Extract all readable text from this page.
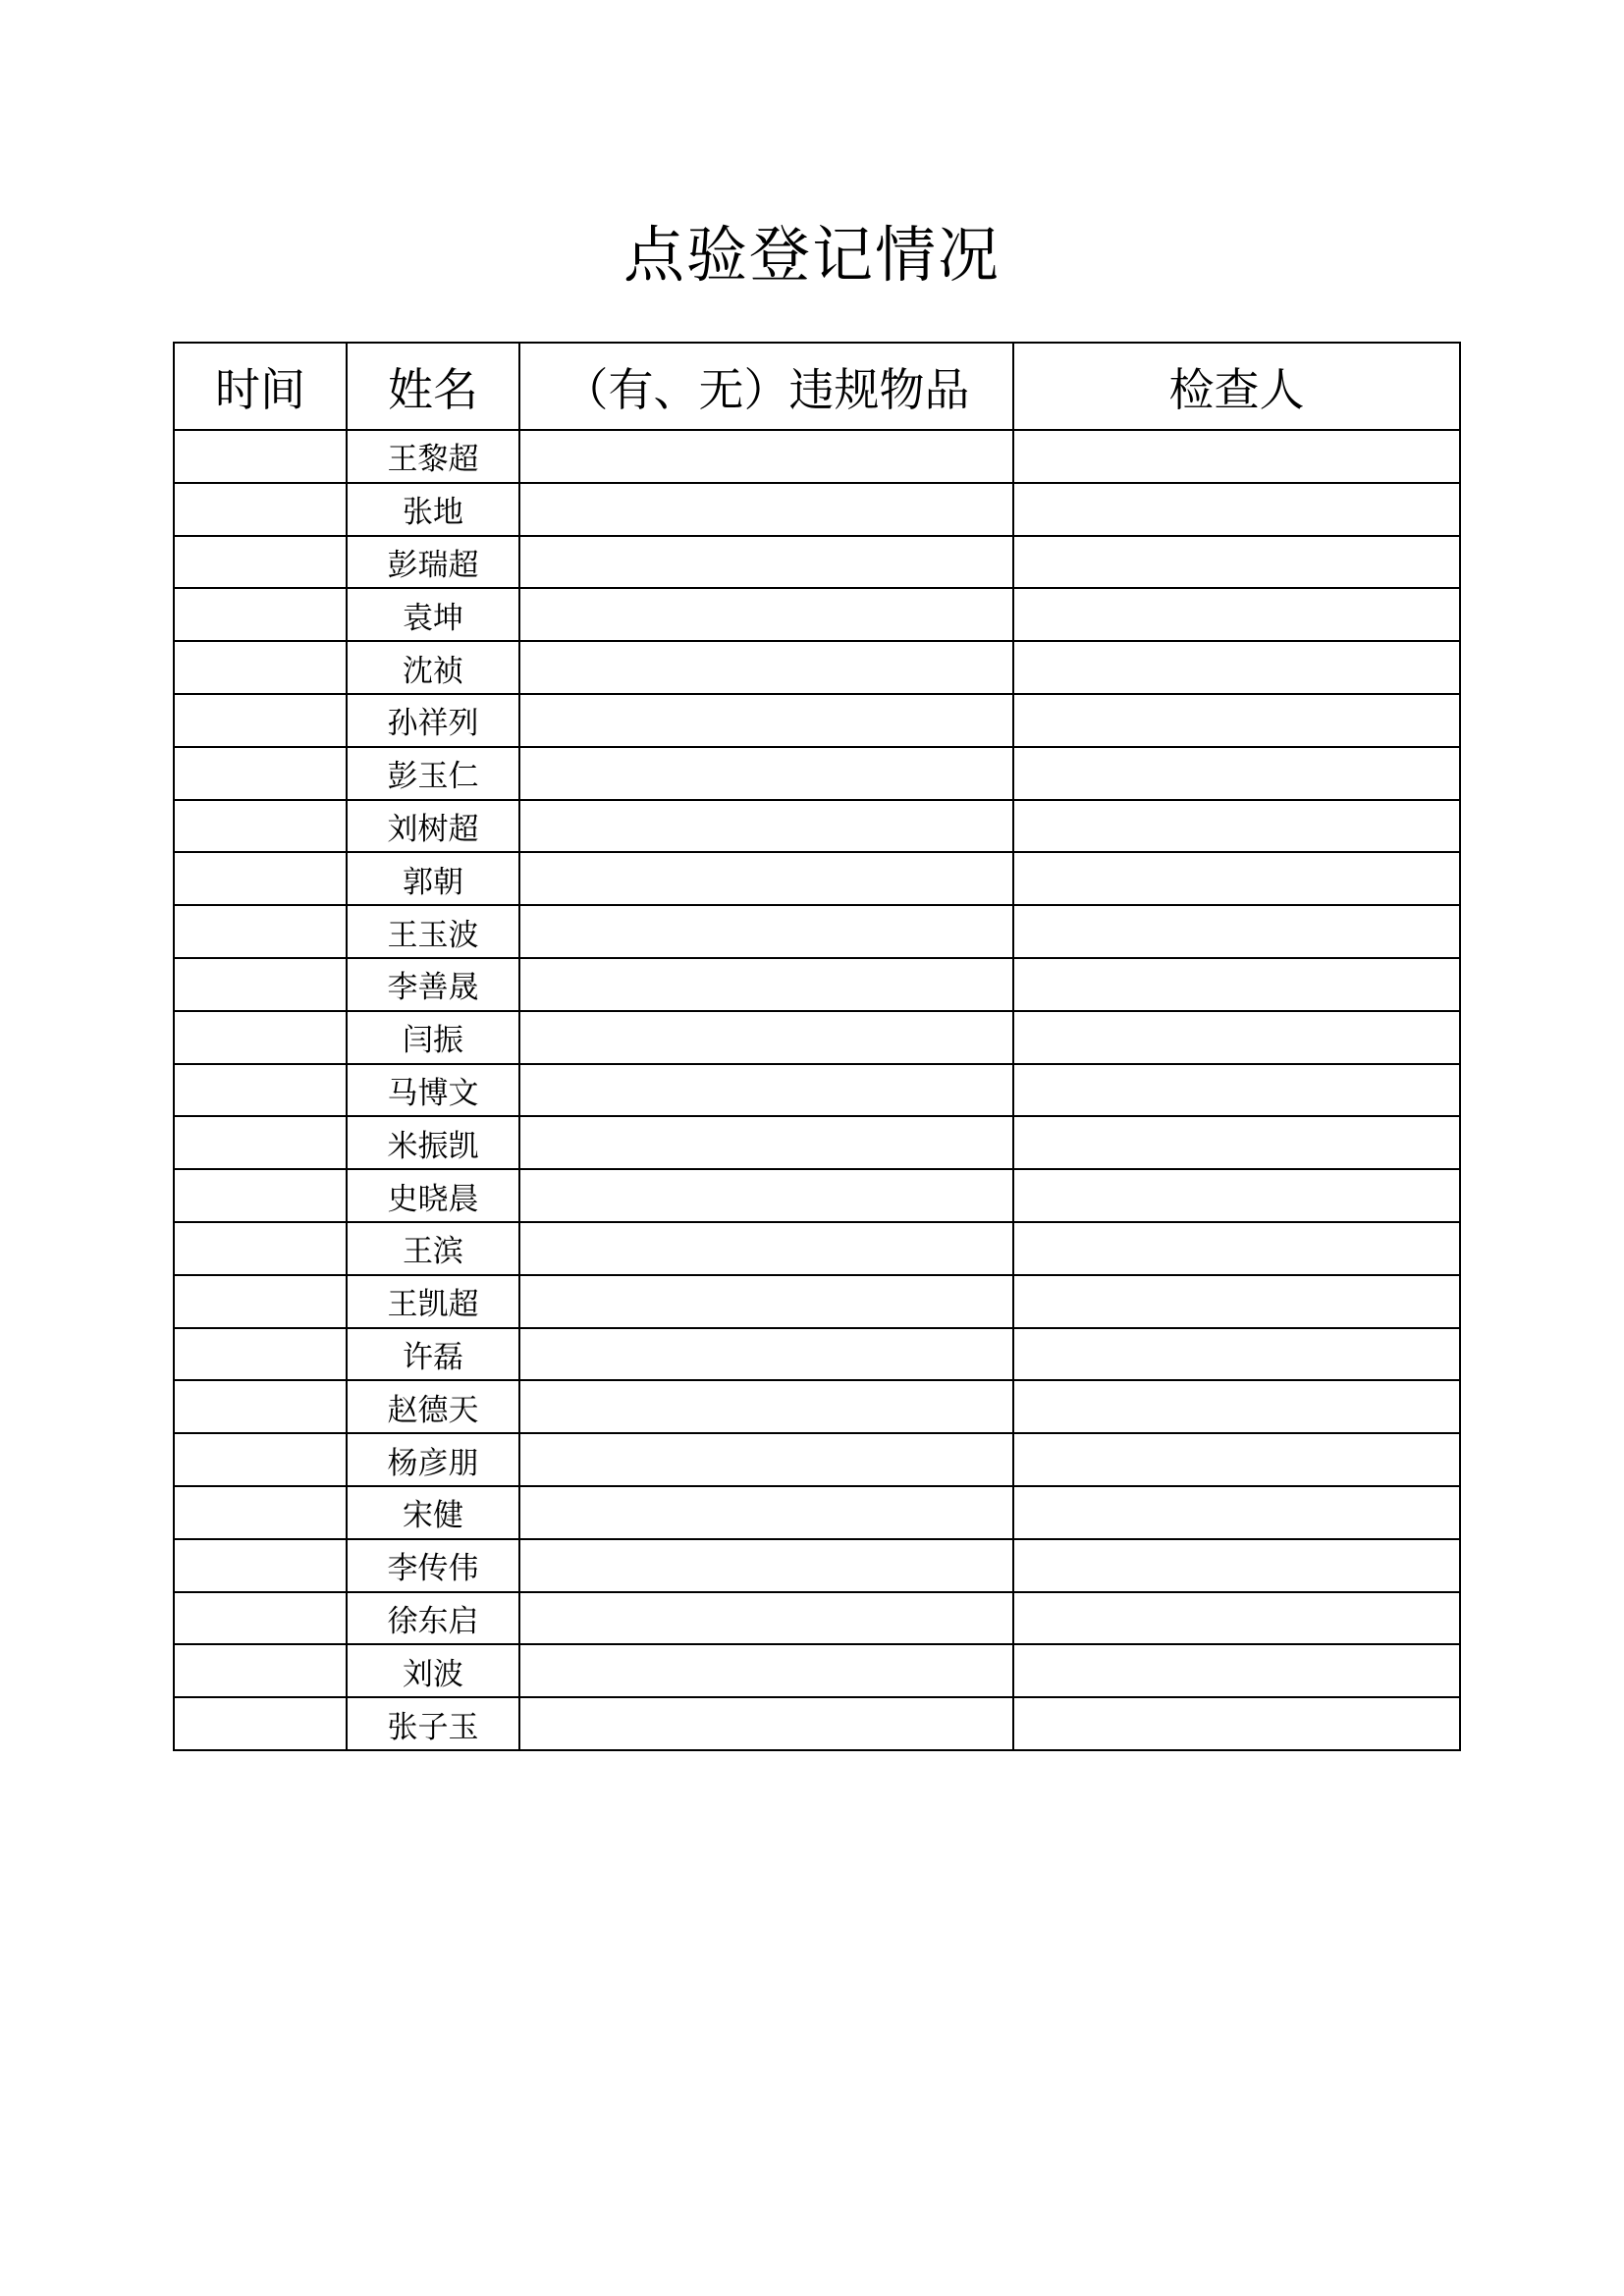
点验登记情况
时间	姓名	（有、无）违规物品	检查人
	王黎超		
	张地		
	彭瑞超		
	袁坤		
	沈祯		
	孙祥列		
	彭玉仁		
	刘树超		
	郭朝		
	王玉波		
	李善晟		
	闫振		
	马博文		
	米振凯		
	史晓晨		
	王滨		
	王凯超		
	许磊		
	赵德天		
	杨彦朋		
	宋健		
	李传伟		
	徐东启		
	刘波		
	张子玉		
